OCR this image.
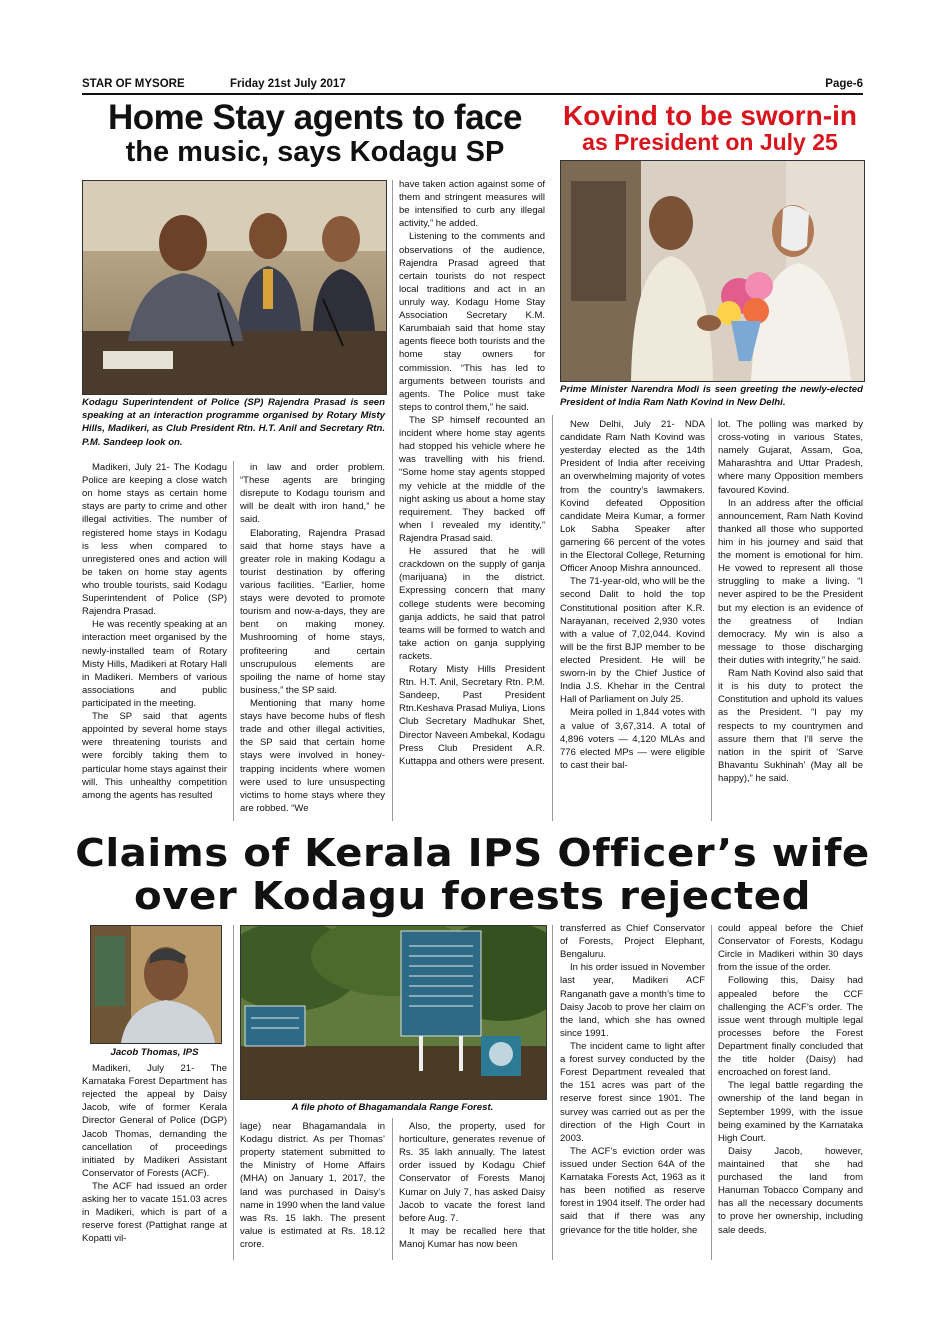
STAR OF MYSORE	Friday 21st July 2017	Page-6
Home Stay agents to face
the music, says Kodagu SP
Kovind to be sworn-in
as President on July 25
Kodagu Superintendent of Police (SP) Rajendra Prasad is seen speaking at an interaction programme organised by Rotary Misty Hills, Madikeri, as Club President Rtn. H.T. Anil and Secretary Rtn. P.M. Sandeep look on.
Prime Minister Narendra Modi is seen greeting the newly-elected President of India Ram Nath Kovind in New Delhi.

Madikeri, July 21- The Kodagu Police are keeping a close watch on home stays as certain home stays are party to crime and other illegal activities. The number of registered home stays in Kodagu is less when compared to unregistered ones and action will be taken on home stay agents who trouble tourists, said Kodagu Superintendent of Police (SP) Rajendra Prasad.

He was recently speaking at an interaction meet organised by the newly-installed team of Rotary Misty Hills, Madikeri at Rotary Hall in Madikeri. Members of various associations and public participated in the meeting.

The SP said that agents appointed by several home stays were threatening tourists and were forcibly taking them to particular home stays against their will. This unhealthy competition among the agents has resulted

in law and order problem. “These agents are bringing disrepute to Kodagu tourism and will be dealt with iron hand,” he said.

Elaborating, Rajendra Prasad said that home stays have a greater role in making Kodagu a tourist destination by offering various facilities. “Earlier, home stays were devoted to promote tourism and now-a-days, they are bent on making money. Mushrooming of home stays, profiteering and certain unscrupulous elements are spoiling the name of home stay business,” the SP said.

Mentioning that many home stays have become hubs of flesh trade and other illegal activities, the SP said that certain home stays were involved in honey-trapping incidents where women were used to lure unsuspecting victims to home stays where they are robbed. “We

have taken action against some of them and stringent measures will be intensified to curb any illegal activity,” he added.

Listening to the comments and observations of the audience, Rajendra Prasad agreed that certain tourists do not respect local traditions and act in an unruly way. Kodagu Home Stay Association Secretary K.M. Karumbaiah said that home stay agents fleece both tourists and the home stay owners for commission. “This has led to arguments between tourists and agents. The Police must take steps to control them,” he said.

The SP himself recounted an incident where home stay agents had stopped his vehicle where he was travelling with his friend. “Some home stay agents stopped my vehicle at the middle of the night asking us about a home stay requirement. They backed off when I revealed my identity,” Rajendra Prasad said.

He assured that he will crackdown on the supply of ganja (marijuana) in the district. Expressing concern that many college students were becoming ganja addicts, he said that patrol teams will be formed to watch and take action on ganja supplying rackets.

Rotary Misty Hills President Rtn. H.T. Anil, Secretary Rtn. P.M. Sandeep, Past President Rtn.Keshava Prasad Muliya, Lions Club Secretary Madhukar Shet, Director Naveen Ambekal, Kodagu Press Club President A.R. Kuttappa and others were present.

New Delhi, July 21- NDA candidate Ram Nath Kovind was yesterday elected as the 14th President of India after receiving an overwhelming majority of votes from the country’s lawmakers. Kovind defeated Opposition candidate Meira Kumar, a former Lok Sabha Speaker after garnering 66 percent of the votes in the Electoral College, Returning Officer Anoop Mishra announced.

The 71-year-old, who will be the second Dalit to hold the top Constitutional position after K.R. Narayanan, received 2,930 votes with a value of 7,02,044. Kovind will be the first BJP member to be elected President. He will be sworn-in by the Chief Justice of India J.S. Khehar in the Central Hall of Parliament on July 25.

Meira polled in 1,844 votes with a value of 3,67,314. A total of 4,896 voters — 4,120 MLAs and 776 elected MPs — were eligible to cast their bal-

lot. The polling was marked by cross-voting in various States, namely Gujarat, Assam, Goa, Maharashtra and Uttar Pradesh, where many Opposition members favoured Kovind.

In an address after the official announcement, Ram Nath Kovind thanked all those who supported him in his journey and said that the moment is emotional for him. He vowed to represent all those struggling to make a living. “I never aspired to be the President but my election is an evidence of the greatness of Indian democracy. My win is also a message to those discharging their duties with integrity,” he said.

Ram Nath Kovind also said that it is his duty to protect the Constitution and uphold its values as the President. “I pay my respects to my countrymen and assure them that I’ll serve the nation in the spirit of ‘Sarve Bhavantu Sukhinah’ (May all be happy),” he said.

Claims of Kerala IPS Officer’s wife
over Kodagu forests rejected
Jacob Thomas, IPS
A file photo of Bhagamandala Range Forest.

Madikeri, July 21- The Karnataka Forest Department has rejected the appeal by Daisy Jacob, wife of former Kerala Director General of Police (DGP) Jacob Thomas, demanding the cancellation of proceedings initiated by Madikeri Assistant Conservator of Forests (ACF).

The ACF had issued an order asking her to vacate 151.03 acres in Madikeri, which is part of a reserve forest (Pattighat range at Kopatti vil-

lage) near Bhagamandala in Kodagu district. As per Thomas’ property statement submitted to the Ministry of Home Affairs (MHA) on January 1, 2017, the land was purchased in Daisy’s name in 1990 when the land value was Rs. 15 lakh. The present value is estimated at Rs. 18.12 crore.

Also, the property, used for horticulture, generates revenue of Rs. 35 lakh annually. The latest order issued by Kodagu Chief Conservator of Forests Manoj Kumar on July 7, has asked Daisy Jacob to vacate the forest land before Aug. 7.

It may be recalled here that Manoj Kumar has now been

transferred as Chief Conservator of Forests, Project Elephant, Bengaluru.

In his order issued in November last year, Madikeri ACF Ranganath gave a month’s time to Daisy Jacob to prove her claim on the land, which she has owned since 1991.

The incident came to light after a forest survey conducted by the Forest Department revealed that the 151 acres was part of the reserve forest since 1901. The survey was carried out as per the direction of the High Court in 2003.

The ACF’s eviction order was issued under Section 64A of the Karnataka Forests Act, 1963 as it has been notified as reserve forest in 1904 itself. The order had said that if there was any grievance for the title holder, she

could appeal before the Chief Conservator of Forests, Kodagu Circle in Madikeri within 30 days from the issue of the order.

Following this, Daisy had appealed before the CCF challenging the ACF’s order. The issue went through multiple legal processes before the Forest Department finally concluded that the title holder (Daisy) had encroached on forest land.

The legal battle regarding the ownership of the land began in September 1999, with the issue being examined by the Karnataka High Court.

Daisy Jacob, however, maintained that she had purchased the land from Hanuman Tobacco Company and has all the necessary documents to prove her ownership, including sale deeds.
